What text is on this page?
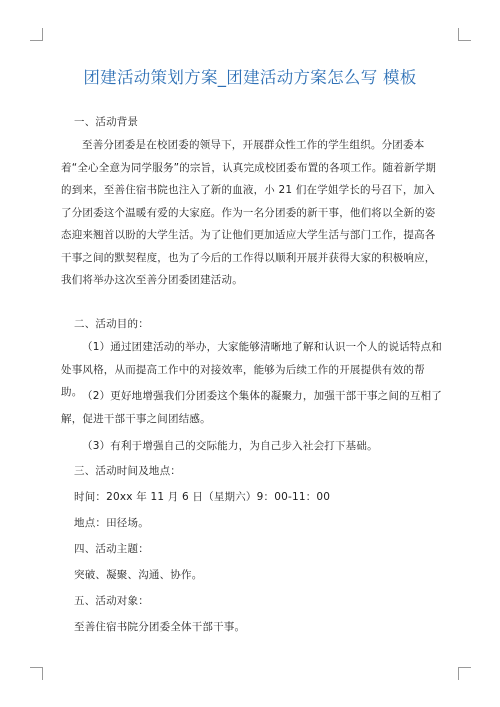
团建活动策划方案_团建活动方案怎么写 模板

一、活动背景

至善分团委是在校团委的领导下，开展群众性工作的学生组织。分团委本着“全心全意为同学服务”的宗旨，认真完成校团委布置的各项工作。随着新学期的到来，至善住宿书院也注入了新的血液，小 21 们在学姐学长的号召下，加入了分团委这个温暖有爱的大家庭。作为一名分团委的新干事，他们将以全新的姿态迎来翘首以盼的大学生活。为了让他们更加适应大学生活与部门工作，提高各干事之间的默契程度，也为了今后的工作得以顺利开展并获得大家的积极响应，我们将举办这次至善分团委团建活动。

二、活动目的：

（1）通过团建活动的举办，大家能够清晰地了解和认识一个人的说话特点和处事风格，从而提高工作中的对接效率，能够为后续工作的开展提供有效的帮助。 （2）更好地增强我们分团委这个集体的凝聚力，加强干部干事之间的互相了解，促进干部干事之间团结感。

（3）有利于增强自己的交际能力，为自己步入社会打下基础。

三、活动时间及地点：

时间：20xx 年 11 月 6 日（星期六）9：00-11：00

地点：田径场。

四、活动主题：

突破、凝聚、沟通、协作。

五、活动对象：

至善住宿书院分团委全体干部干事。
